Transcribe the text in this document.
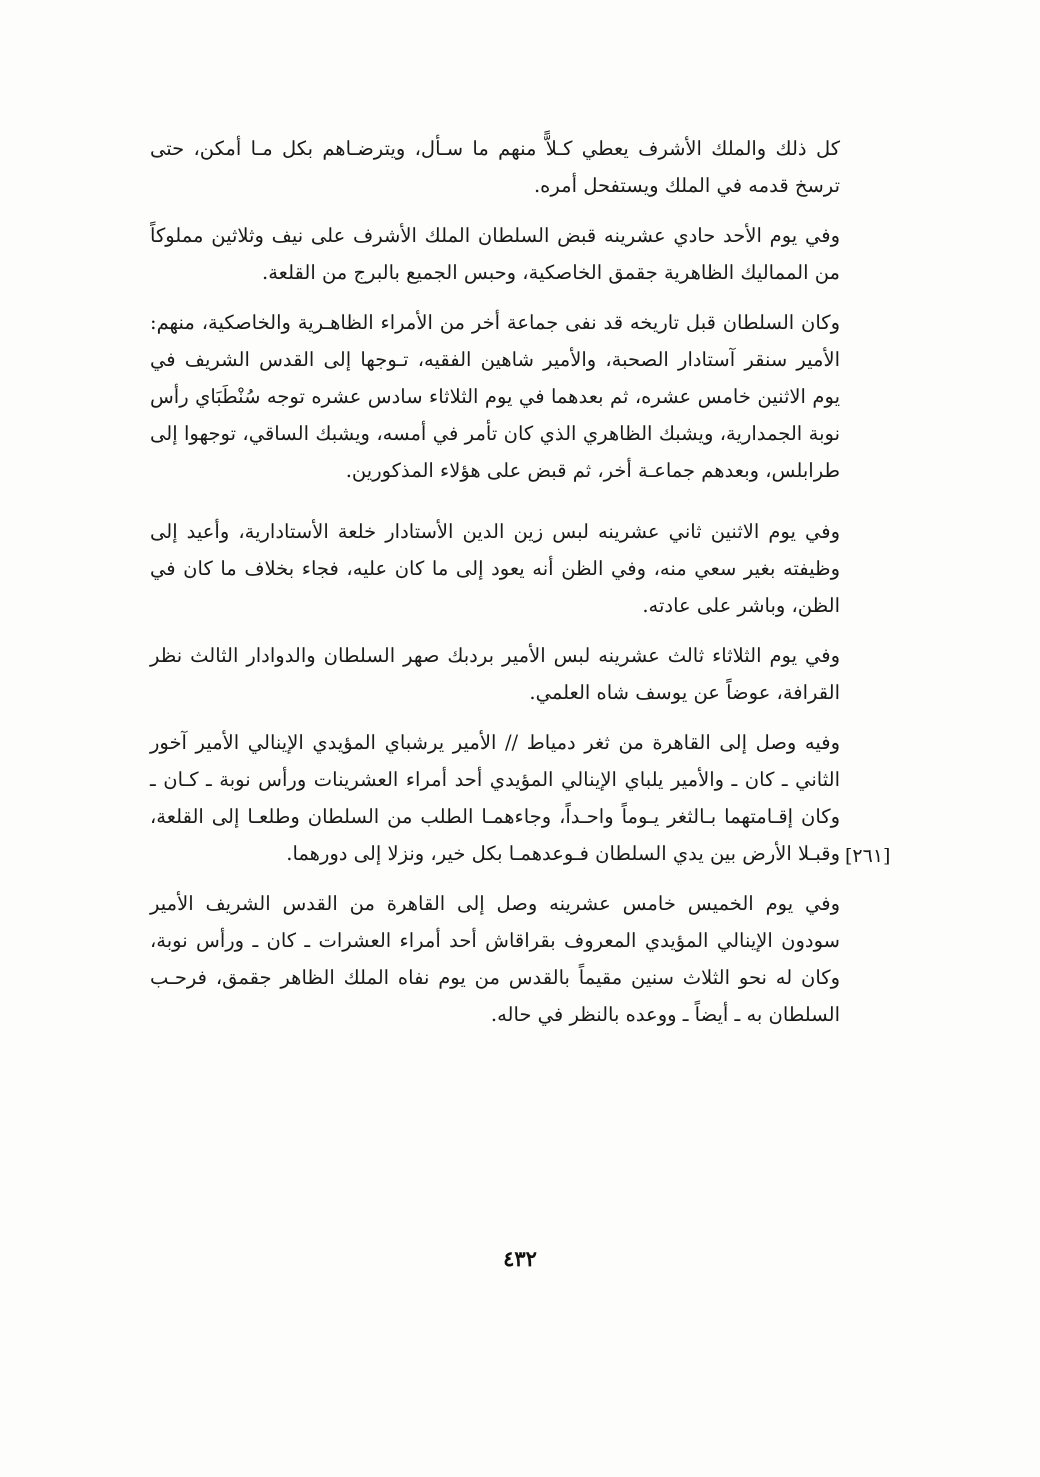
كل ذلك والملك الأشرف يعطي كـلاًّ منهم ما سـأل، ويترضـاهم بكل مـا أمكن، حتى ترسخ قدمه في الملك ويستفحل أمره.

وفي يوم الأحد حادي عشرينه قبض السلطان الملك الأشرف على نيف وثلاثين مملوكاً من المماليك الظاهرية جقمق الخاصكية، وحبس الجميع بالبرج من القلعة.

وكان السلطان قبل تاريخه قد نفى جماعة أخر من الأمراء الظاهـرية والخاصكية، منهم: الأمير سنقر آستادار الصحبة، والأمير شاهين الفقيه، تـوجها إلى القدس الشريف في يوم الاثنين خامس عشره، ثم بعدهما في يوم الثلاثاء سادس عشره توجه سُنْطَبَاي رأس نوبة الجمدارية، ويشبك الظاهري الذي كان تأمر في أمسه، ويشبك الساقي، توجهوا إلى طرابلس، وبعدهم جماعـة أخر، ثم قبض على هؤلاء المذكورين.

وفي يوم الاثنين ثاني عشرينه لبس زين الدين الأستادار خلعة الأستادارية، وأعيد إلى وظيفته بغير سعي منه، وفي الظن أنه يعود إلى ما كان عليه، فجاء بخلاف ما كان في الظن، وباشر على عادته.

وفي يوم الثلاثاء ثالث عشرينه لبس الأمير بردبك صهر السلطان والدوادار الثالث نظر القرافة، عوضاً عن يوسف شاه العلمي.

وفيه وصل إلى القاهرة من ثغر دمياط // الأمير يرشباي المؤيدي الإينالي الأمير آخور الثاني ـ كان ـ والأمير يلباي الإينالي المؤيدي أحد أمراء العشرينات ورأس نوبة ـ كـان ـ وكان إقـامتهما بـالثغر يـوماً واحـداً، وجاءهمـا الطلب من السلطان وطلعـا إلى القلعة، وقبـلا الأرض بين يدي السلطان فـوعدهمـا بكل خير، ونزلا إلى دورهما.

وفي يوم الخميس خامس عشرينه وصل إلى القاهرة من القدس الشريف الأمير سودون الإينالي المؤيدي المعروف بقراقاش أحد أمراء العشرات ـ كان ـ ورأس نوبة، وكان له نحو الثلاث سنين مقيماً بالقدس من يوم نفاه الملك الظاهر جقمق، فرحـب السلطان به ـ أيضاً ـ ووعده بالنظر في حاله.

[٢٦١]
٤٣٢
